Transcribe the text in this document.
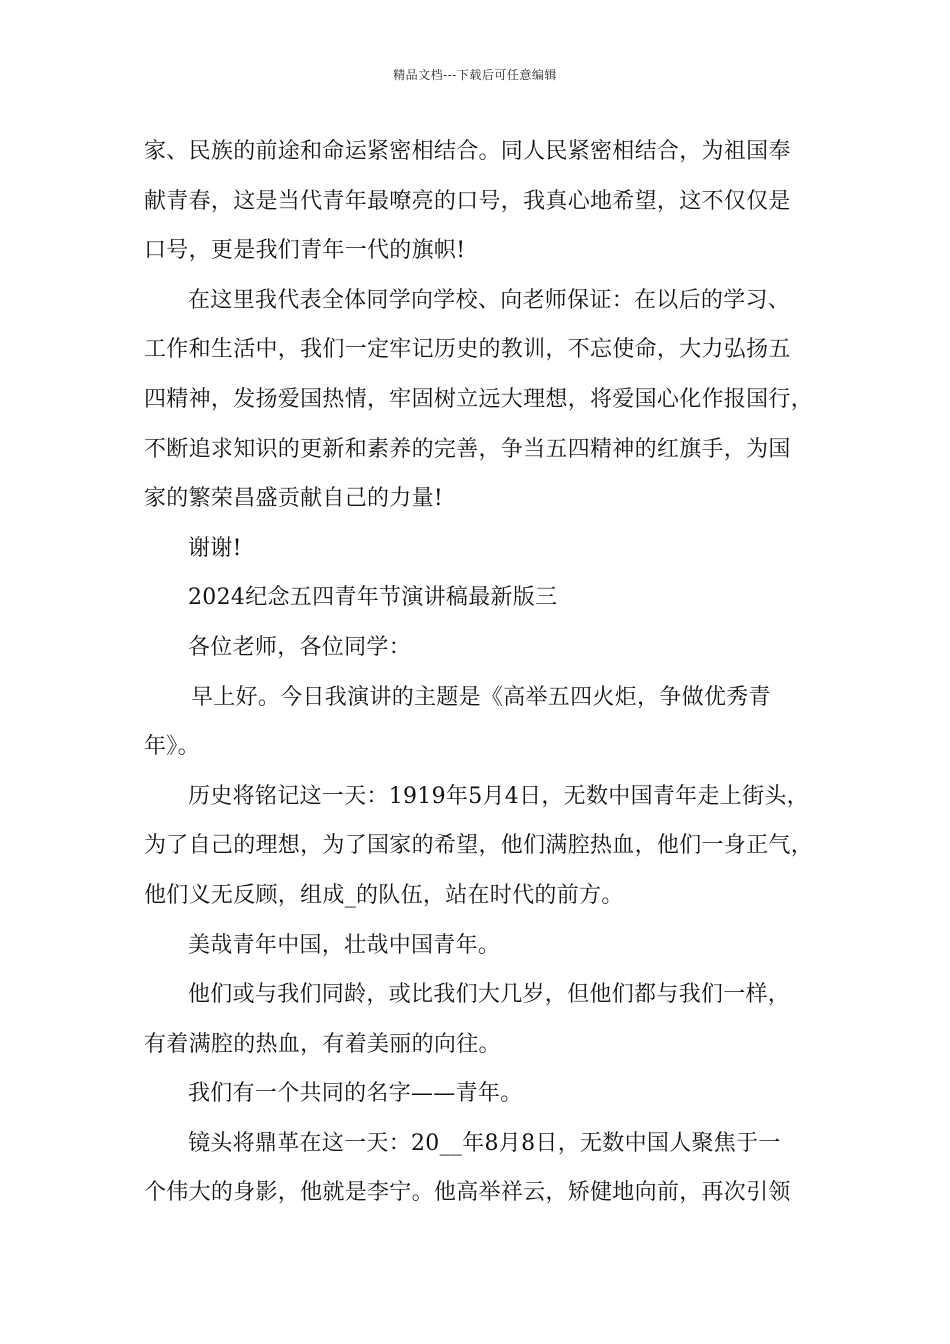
精品文档---下载后可任意编辑
家、民族的前途和命运紧密相结合。同人民紧密相结合，为祖国奉
献青春，这是当代青年最嘹亮的口号，我真心地希望，这不仅仅是
口号，更是我们青年一代的旗帜!
在这里我代表全体同学向学校、向老师保证：在以后的学习、
工作和生活中，我们一定牢记历史的教训，不忘使命，大力弘扬五
四精神，发扬爱国热情，牢固树立远大理想，将爱国心化作报国行，
不断追求知识的更新和素养的完善，争当五四精神的红旗手，为国
家的繁荣昌盛贡献自己的力量!
谢谢!
2024纪念五四青年节演讲稿最新版三
各位老师，各位同学：
早上好。今日我演讲的主题是《高举五四火炬，争做优秀青
年》。
历史将铭记这一天：1919年5月4日，无数中国青年走上街头，
为了自己的理想，为了国家的希望，他们满腔热血，他们一身正气，
他们义无反顾，组成_的队伍，站在时代的前方。
美哉青年中国，壮哉中国青年。
他们或与我们同龄，或比我们大几岁，但他们都与我们一样，
有着满腔的热血，有着美丽的向往。
我们有一个共同的名字——青年。
镜头将鼎革在这一天：20__年8月8日，无数中国人聚焦于一
个伟大的身影，他就是李宁。他高举祥云，矫健地向前，再次引领
